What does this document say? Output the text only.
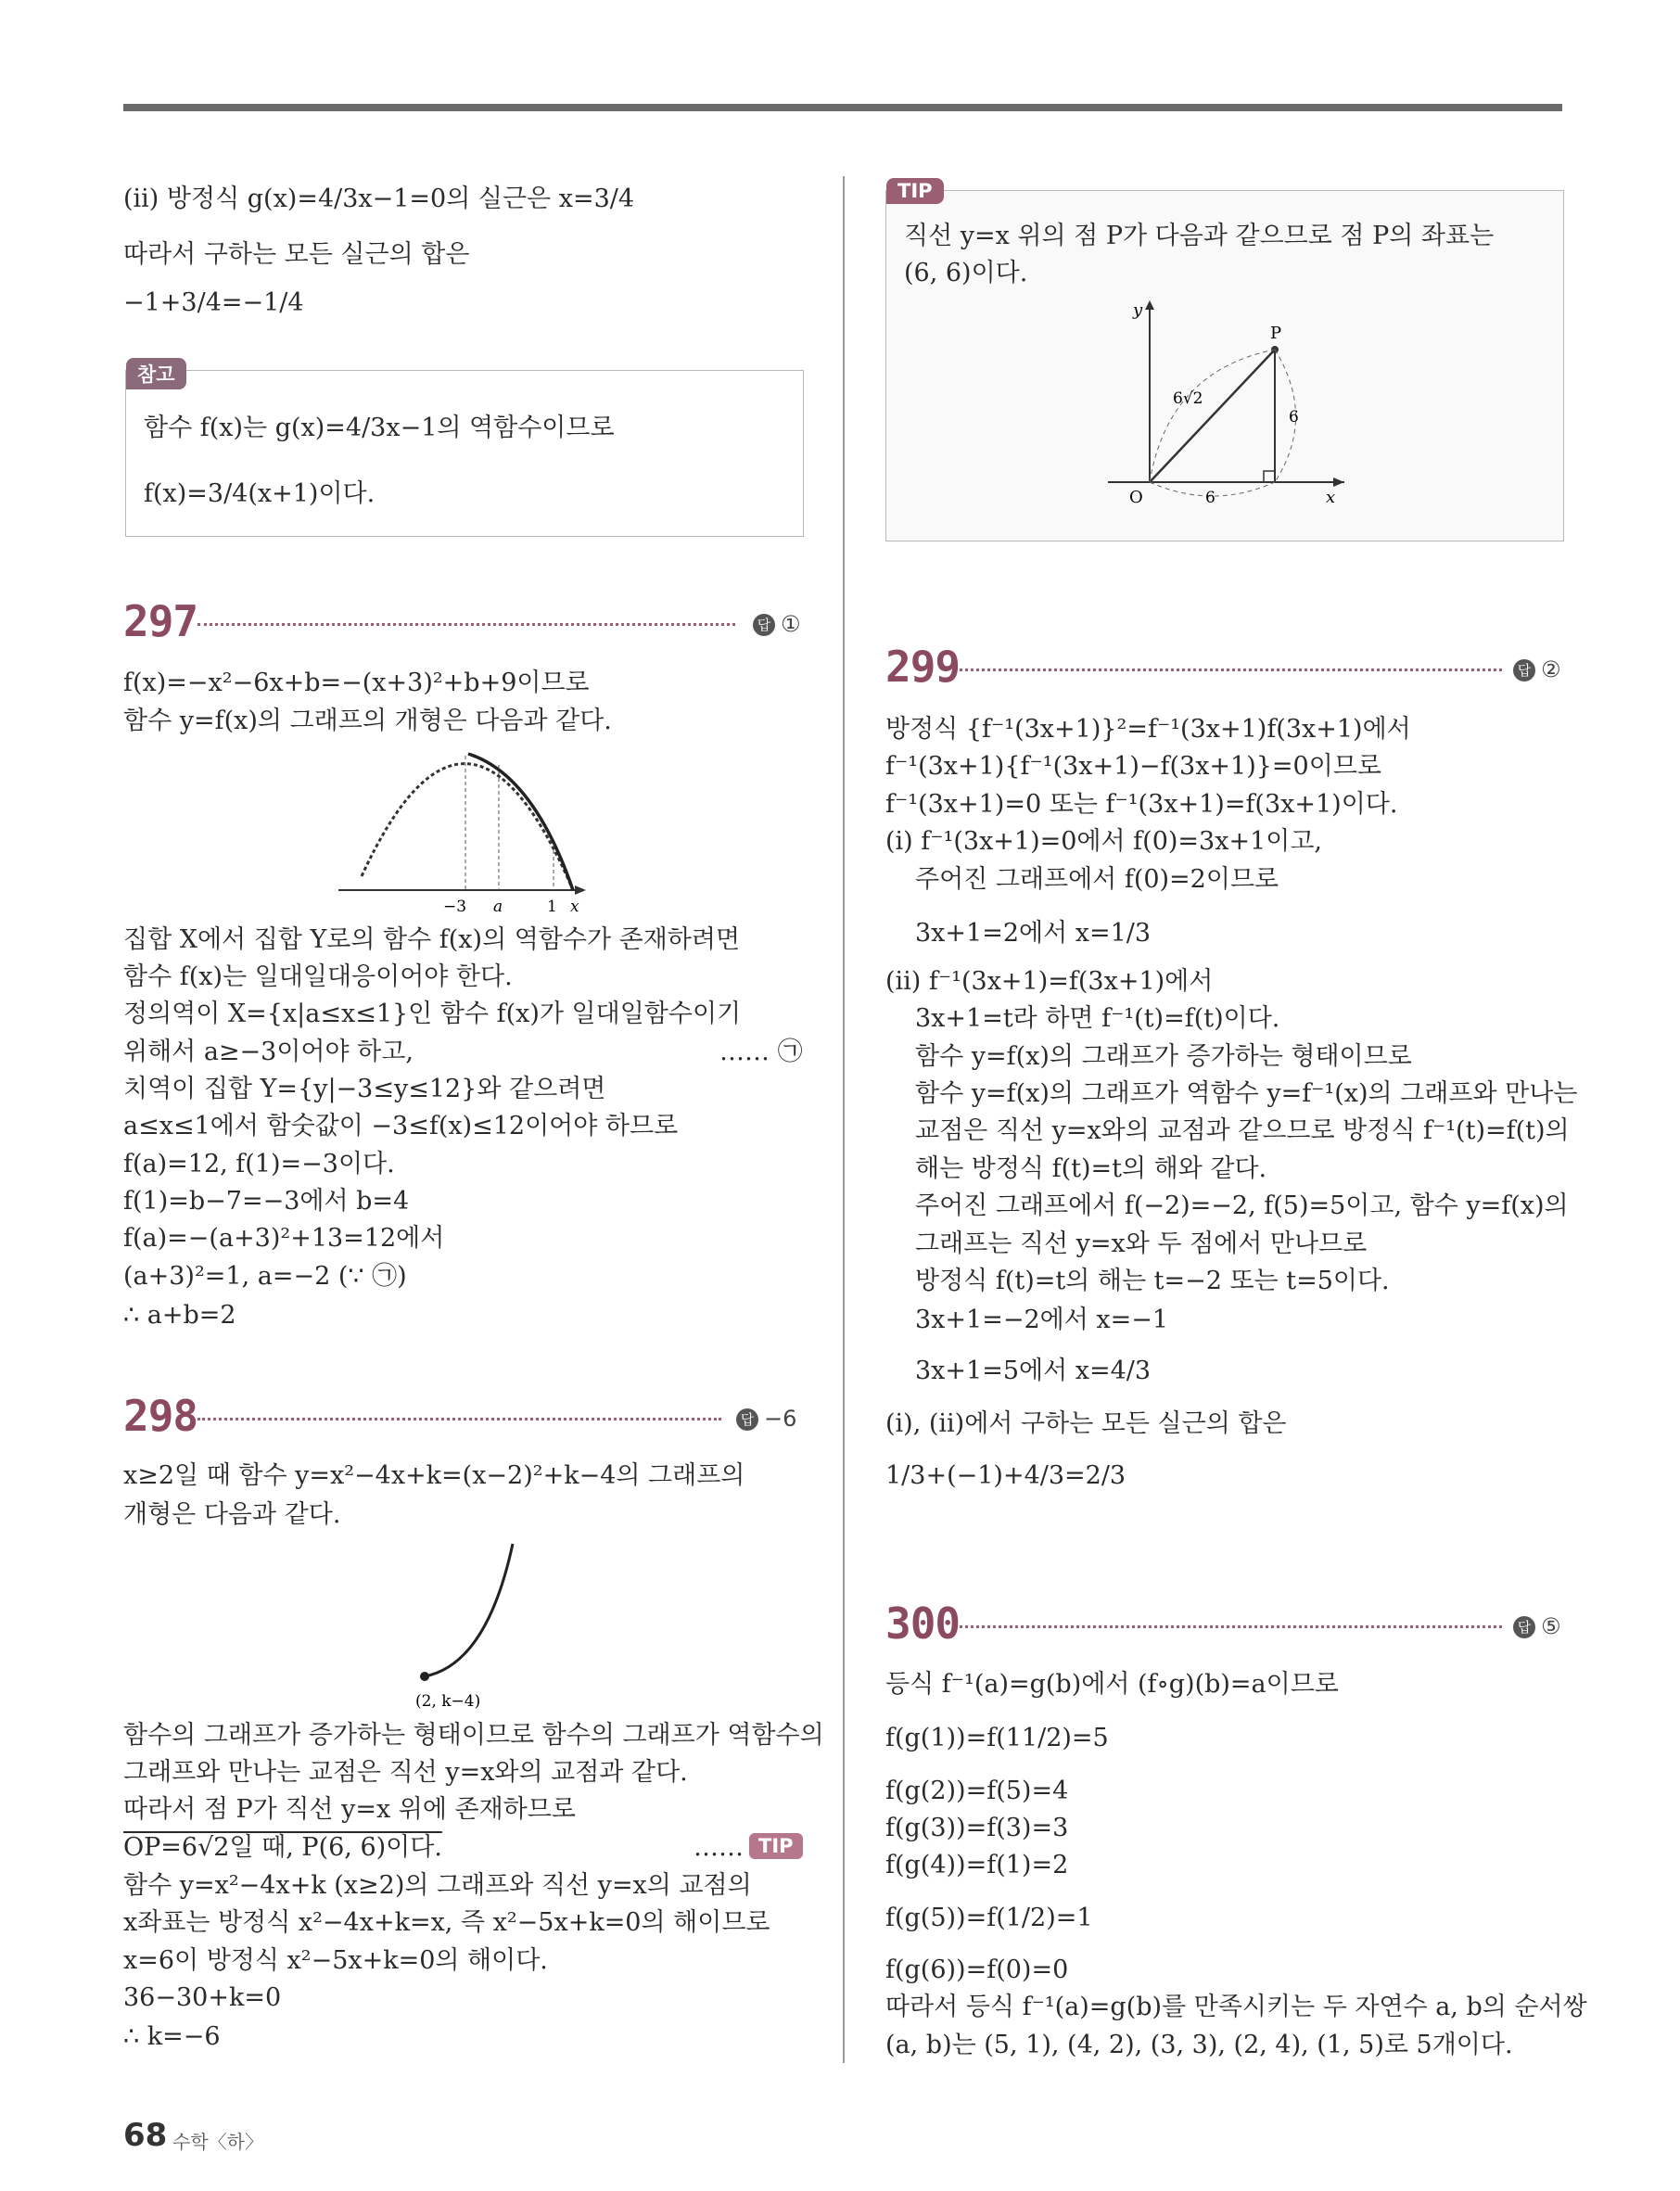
(ⅱ) 방정식 g(x)=4/3x−1=0의 실근은 x=3/4
따라서 구하는 모든 실근의 합은
−1+3/4=−1/4
참고
함수 f(x)는 g(x)=4/3x−1의 역함수이므로
f(x)=3/4(x+1)이다.
TIP
직선 y=x 위의 점 P가 다음과 같으므로 점 P의 좌표는
(6, 6)이다.
y
x
O
P
6√2
6
6
297	답 ①
f(x)=−x²−6x+b=−(x+3)²+b+9이므로
함수 y=f(x)의 그래프의 개형은 다음과 같다.
−3 a	1 x
집합 X에서 집합 Y로의 함수 f(x)의 역함수가 존재하려면
함수 f(x)는 일대일대응이어야 한다.
정의역이 X={x|a≤x≤1}인 함수 f(x)가 일대일함수이기
위해서 a≥−3이어야 하고,	…… ㉠
치역이 집합 Y={y|−3≤y≤12}와 같으려면
a≤x≤1에서 함숫값이 −3≤f(x)≤12이어야 하므로
f(a)=12, f(1)=−3이다.
f(1)=b−7=−3에서 b=4
f(a)=−(a+3)²+13=12에서
(a+3)²=1, a=−2 (∵ ㉠)
∴ a+b=2
298	답 −6
x≥2일 때 함수 y=x²−4x+k=(x−2)²+k−4의 그래프의
개형은 다음과 같다.
(2, k−4)
함수의 그래프가 증가하는 형태이므로 함수의 그래프가 역함수의
그래프와 만나는 교점은 직선 y=x와의 교점과 같다.
따라서 점 P가 직선 y=x 위에 존재하므로
OP=6√2일 때, P(6, 6)이다.	…… TIP
함수 y=x²−4x+k (x≥2)의 그래프와 직선 y=x의 교점의
x좌표는 방정식 x²−4x+k=x, 즉 x²−5x+k=0의 해이므로
x=6이 방정식 x²−5x+k=0의 해이다.
36−30+k=0
∴ k=−6
299	답 ②
방정식 {f⁻¹(3x+1)}²=f⁻¹(3x+1)f(3x+1)에서
f⁻¹(3x+1){f⁻¹(3x+1)−f(3x+1)}=0이므로
f⁻¹(3x+1)=0 또는 f⁻¹(3x+1)=f(3x+1)이다.
(ⅰ) f⁻¹(3x+1)=0에서 f(0)=3x+1이고,
주어진 그래프에서 f(0)=2이므로
3x+1=2에서 x=1/3
(ⅱ) f⁻¹(3x+1)=f(3x+1)에서
3x+1=t라 하면 f⁻¹(t)=f(t)이다.
함수 y=f(x)의 그래프가 증가하는 형태이므로
함수 y=f(x)의 그래프가 역함수 y=f⁻¹(x)의 그래프와 만나는
교점은 직선 y=x와의 교점과 같으므로 방정식 f⁻¹(t)=f(t)의
해는 방정식 f(t)=t의 해와 같다.
주어진 그래프에서 f(−2)=−2, f(5)=5이고, 함수 y=f(x)의
그래프는 직선 y=x와 두 점에서 만나므로
방정식 f(t)=t의 해는 t=−2 또는 t=5이다.
3x+1=−2에서 x=−1
3x+1=5에서 x=4/3
(ⅰ), (ⅱ)에서 구하는 모든 실근의 합은
1/3+(−1)+4/3=2/3
300	답 ⑤
등식 f⁻¹(a)=g(b)에서 (f∘g)(b)=a이므로
f(g(1))=f(11/2)=5
f(g(2))=f(5)=4
f(g(3))=f(3)=3
f(g(4))=f(1)=2
f(g(5))=f(1/2)=1
f(g(6))=f(0)=0
따라서 등식 f⁻¹(a)=g(b)를 만족시키는 두 자연수 a, b의 순서쌍
(a, b)는 (5, 1), (4, 2), (3, 3), (2, 4), (1, 5)로 5개이다.
68 수학〈하〉
